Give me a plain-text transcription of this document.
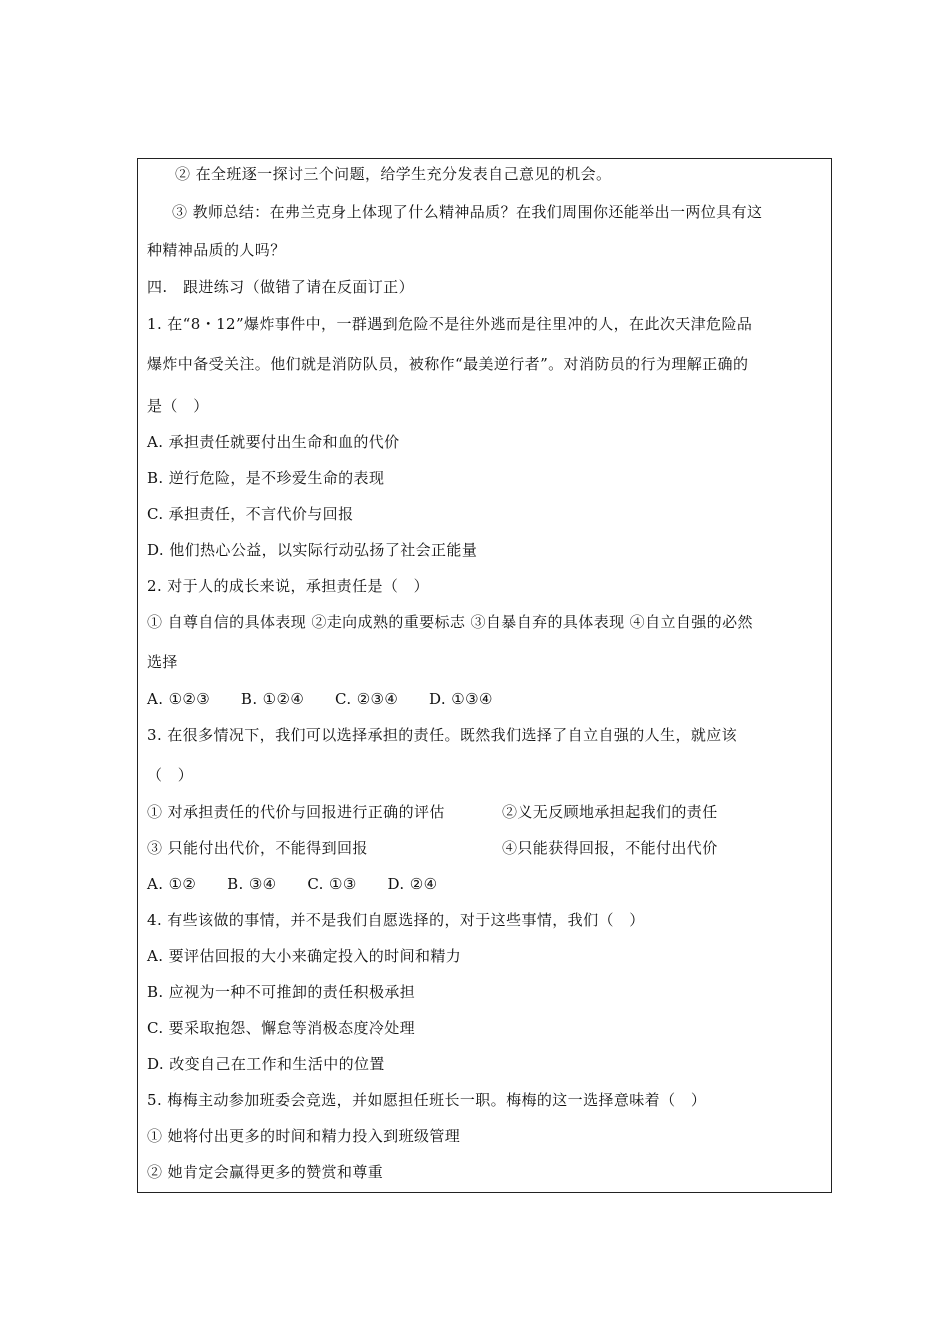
② 在全班逐一探讨三个问题，给学生充分发表自己意见的机会。
③ 教师总结：在弗兰克身上体现了什么精神品质？在我们周围你还能举出一两位具有这
种精神品质的人吗？
四.　跟进练习（做错了请在反面订正）
1. 在“8・12”爆炸事件中，一群遇到危险不是往外逃而是往里冲的人，在此次天津危险品
爆炸中备受关注。他们就是消防队员，被称作“最美逆行者”。对消防员的行为理解正确的
是（　）
A. 承担责任就要付出生命和血的代价
B. 逆行危险，是不珍爱生命的表现
C. 承担责任，不言代价与回报
D. 他们热心公益，以实际行动弘扬了社会正能量
2. 对于人的成长来说，承担责任是（　）
① 自尊自信的具体表现 ②走向成熟的重要标志 ③自暴自弃的具体表现 ④自立自强的必然
选择
A. ①②③　　B. ①②④　　C. ②③④　　D. ①③④
3. 在很多情况下，我们可以选择承担的责任。既然我们选择了自立自强的人生，就应该
（　）
① 对承担责任的代价与回报进行正确的评估	②义无反顾地承担起我们的责任
③ 只能付出代价，不能得到回报	④只能获得回报，不能付出代价
A. ①②　　B. ③④　　C. ①③　　D. ②④
4. 有些该做的事情，并不是我们自愿选择的，对于这些事情，我们（　）
A. 要评估回报的大小来确定投入的时间和精力
B. 应视为一种不可推卸的责任积极承担
C. 要采取抱怨、懈怠等消极态度冷处理
D. 改变自己在工作和生活中的位置
5. 梅梅主动参加班委会竞选，并如愿担任班长一职。梅梅的这一选择意味着（　）
① 她将付出更多的时间和精力投入到班级管理
② 她肯定会赢得更多的赞赏和尊重
